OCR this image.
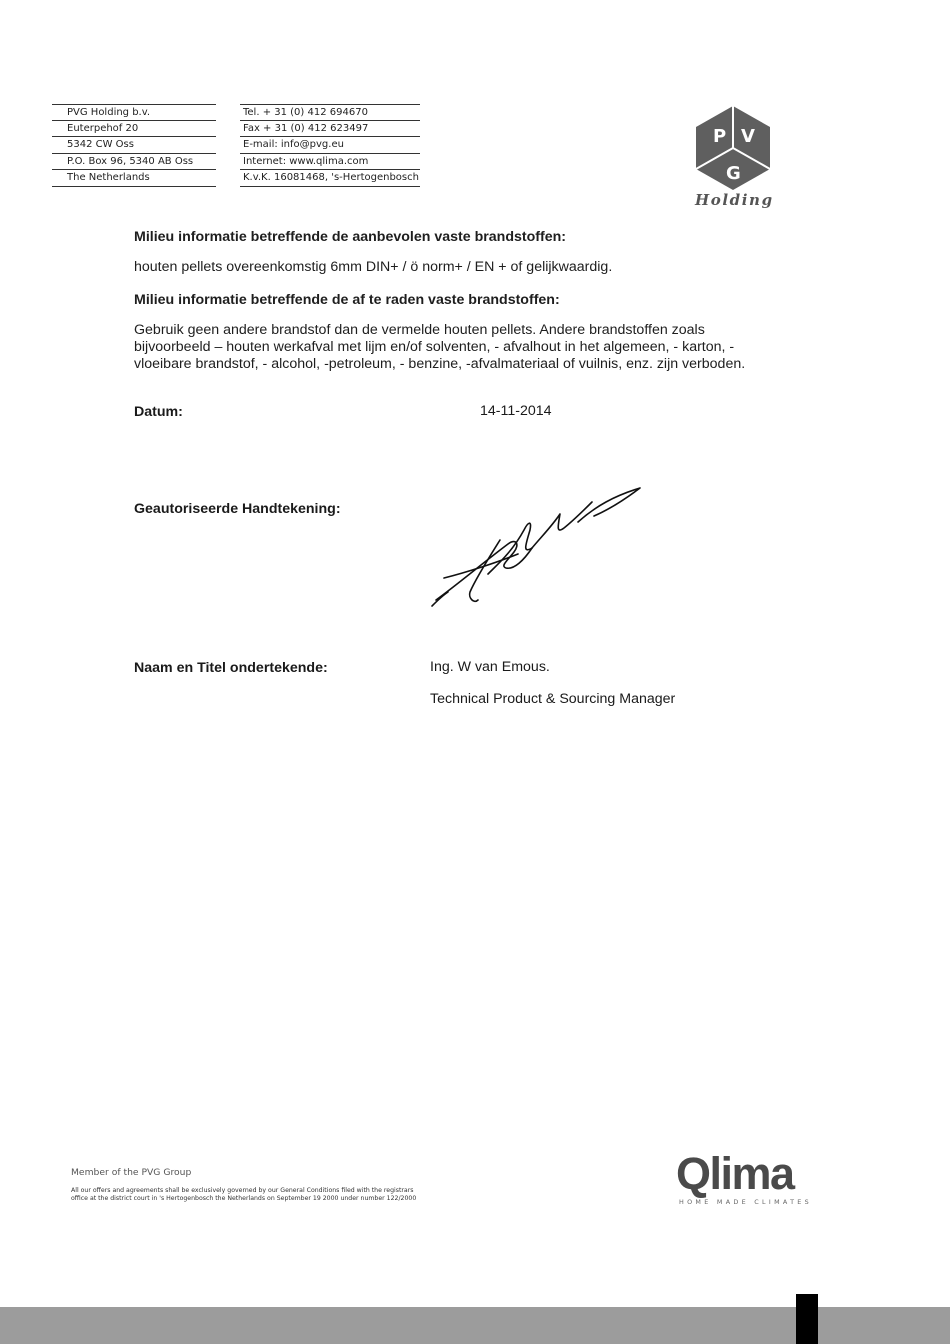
PVG Holding b.v.
Euterpehof 20
5342 CW Oss
P.O. Box 96, 5340 AB Oss
The Netherlands
Tel. + 31 (0) 412 694670
Fax + 31 (0) 412 623497
E-mail: info@pvg.eu
Internet: www.qlima.com
K.v.K. 16081468, 's-Hertogenbosch
P V
G
Holding
Milieu informatie betreffende de aanbevolen vaste brandstoffen:
houten pellets overeenkomstig 6mm DIN+ / ö norm+ / EN + of gelijkwaardig.
Milieu informatie betreffende de af te raden vaste brandstoffen:
Gebruik geen andere brandstof dan de vermelde houten pellets. Andere brandstoffen zoals
bijvoorbeeld – houten werkafval met lijm en/of solventen, - afvalhout in het algemeen, - karton, -
vloeibare brandstof, - alcohol, -petroleum, - benzine, -afvalmateriaal of vuilnis, enz. zijn verboden.
Datum:	14-11-2014
Geautoriseerde Handtekening:
Naam en Titel ondertekende:	Ing. W van Emous.
Technical Product & Sourcing Manager
Member of the PVG Group
All our offers and agreements shall be exclusively governed by our General Conditions filed with the registrars
office at the district court in 's Hertogenbosch the Netherlands on September 19 2000 under number 122/2000	Qlima
HOME MADE CLIMATES
